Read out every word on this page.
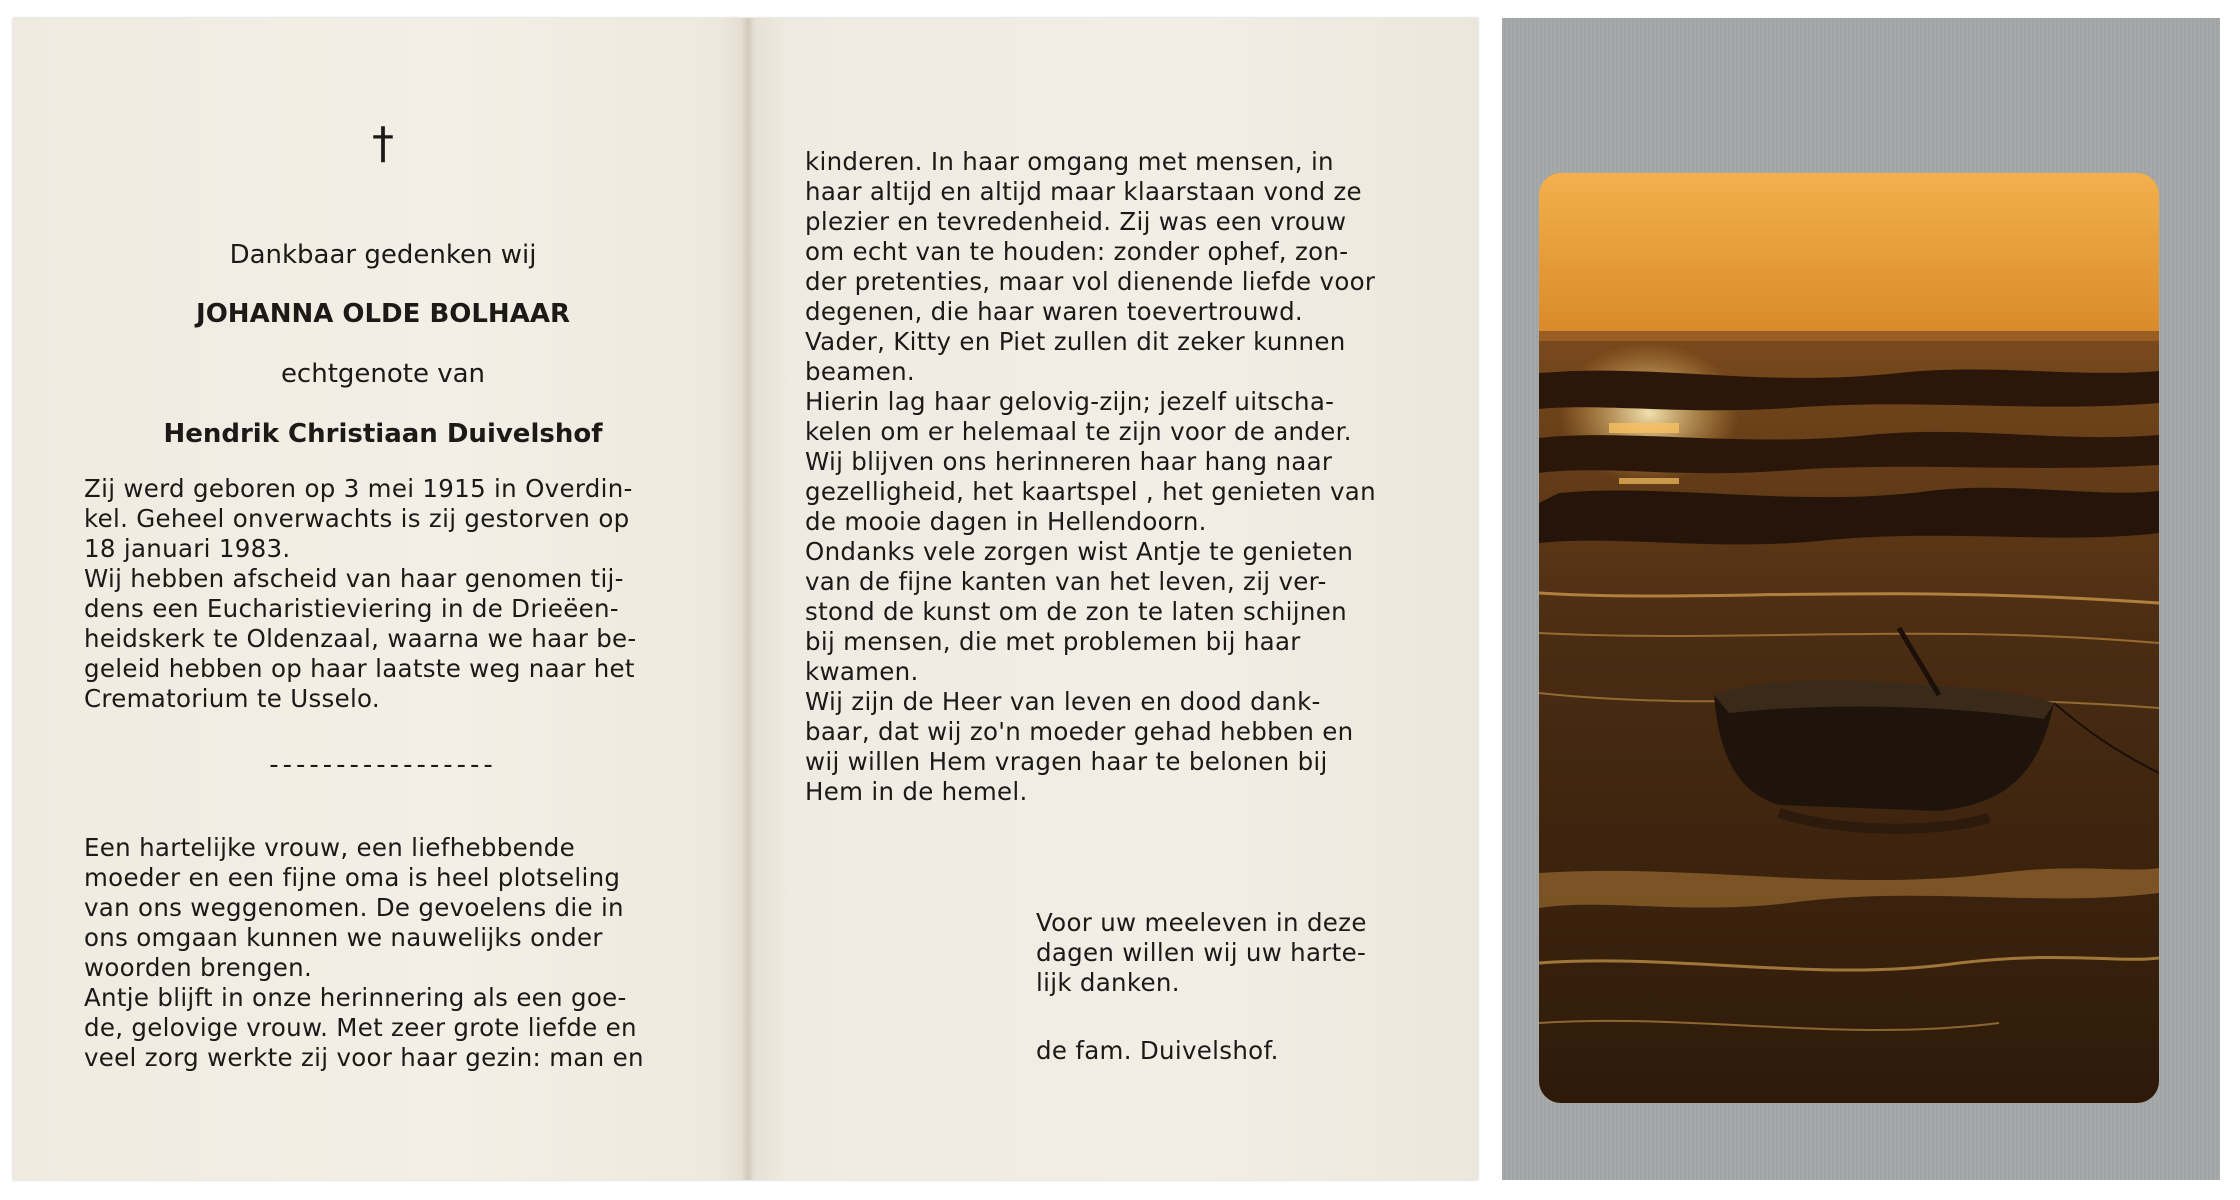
†
Dankbaar gedenken wij
JOHANNA OLDE BOLHAAR
echtgenote van
Hendrik Christiaan Duivelshof

Zij werd geboren op 3 mei 1915 in Overdin-

kel. Geheel onverwachts is zij gestorven op

18 januari 1983.

Wij hebben afscheid van haar genomen tij-

dens een Eucharistieviering in de Drieëen-

heidskerk te Oldenzaal, waarna we haar be-

geleid hebben op haar laatste weg naar het

Crematorium te Usselo.

-----------------

Een hartelijke vrouw, een liefhebbende

moeder en een fijne oma is heel plotseling

van ons weggenomen. De gevoelens die in

ons omgaan kunnen we nauwelijks onder

woorden brengen.

Antje blijft in onze herinnering als een goe-

de, gelovige vrouw. Met zeer grote liefde en

veel zorg werkte zij voor haar gezin: man en

kinderen. In haar omgang met mensen, in

haar altijd en altijd maar klaarstaan vond ze

plezier en tevredenheid. Zij was een vrouw

om echt van te houden: zonder ophef, zon-

der pretenties, maar vol dienende liefde voor

degenen, die haar waren toevertrouwd.

Vader, Kitty en Piet zullen dit zeker kunnen

beamen.

Hierin lag haar gelovig-zijn; jezelf uitscha-

kelen om er helemaal te zijn voor de ander.

Wij blijven ons herinneren haar hang naar

gezelligheid, het kaartspel , het genieten van

de mooie dagen in Hellendoorn.

Ondanks vele zorgen wist Antje te genieten

van de fijne kanten van het leven, zij ver-

stond de kunst om de zon te laten schijnen

bij mensen, die met problemen bij haar

kwamen.

Wij zijn de Heer van leven en dood dank-

baar, dat wij zo'n moeder gehad hebben en

wij willen Hem vragen haar te belonen bij

Hem in de hemel.

Voor uw meeleven in deze

dagen willen wij uw harte-

lijk danken.

de fam. Duivelshof.
